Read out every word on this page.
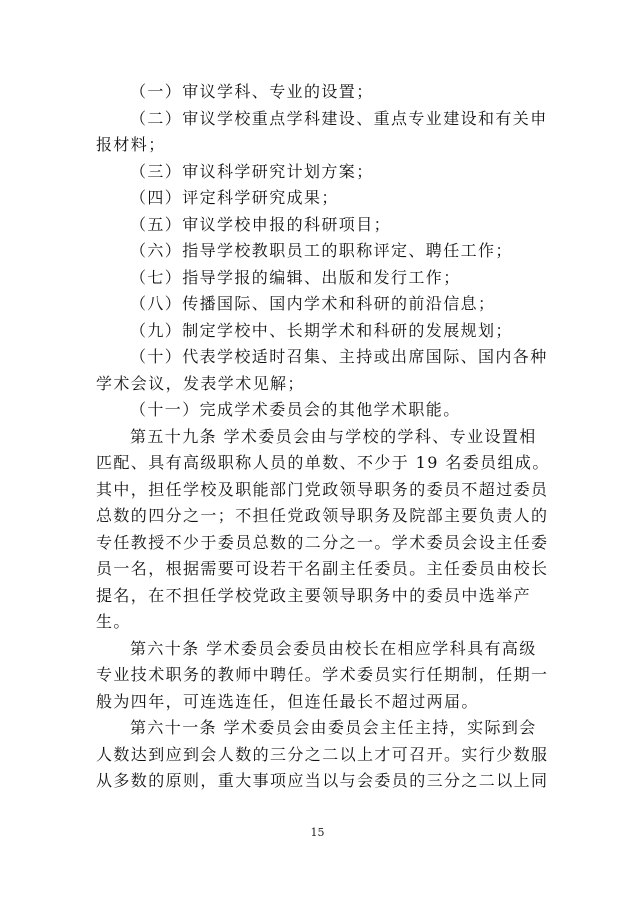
（一）审议学科、专业的设置；
（二）审议学校重点学科建设、重点专业建设和有关申
报材料；
（三）审议科学研究计划方案；
（四）评定科学研究成果；
（五）审议学校申报的科研项目；
（六）指导学校教职员工的职称评定、聘任工作；
（七）指导学报的编辑、出版和发行工作；
（八）传播国际、国内学术和科研的前沿信息；
（九）制定学校中、长期学术和科研的发展规划；
（十）代表学校适时召集、主持或出席国际、国内各种
学术会议，发表学术见解；
（十一）完成学术委员会的其他学术职能。
第五十九条 学术委员会由与学校的学科、专业设置相
匹配、具有高级职称人员的单数、不少于 19 名委员组成。
其中，担任学校及职能部门党政领导职务的委员不超过委员
总数的四分之一；不担任党政领导职务及院部主要负责人的
专任教授不少于委员总数的二分之一。学术委员会设主任委
员一名，根据需要可设若干名副主任委员。主任委员由校长
提名，在不担任学校党政主要领导职务中的委员中选举产
生。
第六十条 学术委员会委员由校长在相应学科具有高级
专业技术职务的教师中聘任。学术委员实行任期制，任期一
般为四年，可连选连任，但连任最长不超过两届。
第六十一条 学术委员会由委员会主任主持，实际到会
人数达到应到会人数的三分之二以上才可召开。实行少数服
从多数的原则，重大事项应当以与会委员的三分之二以上同
15
